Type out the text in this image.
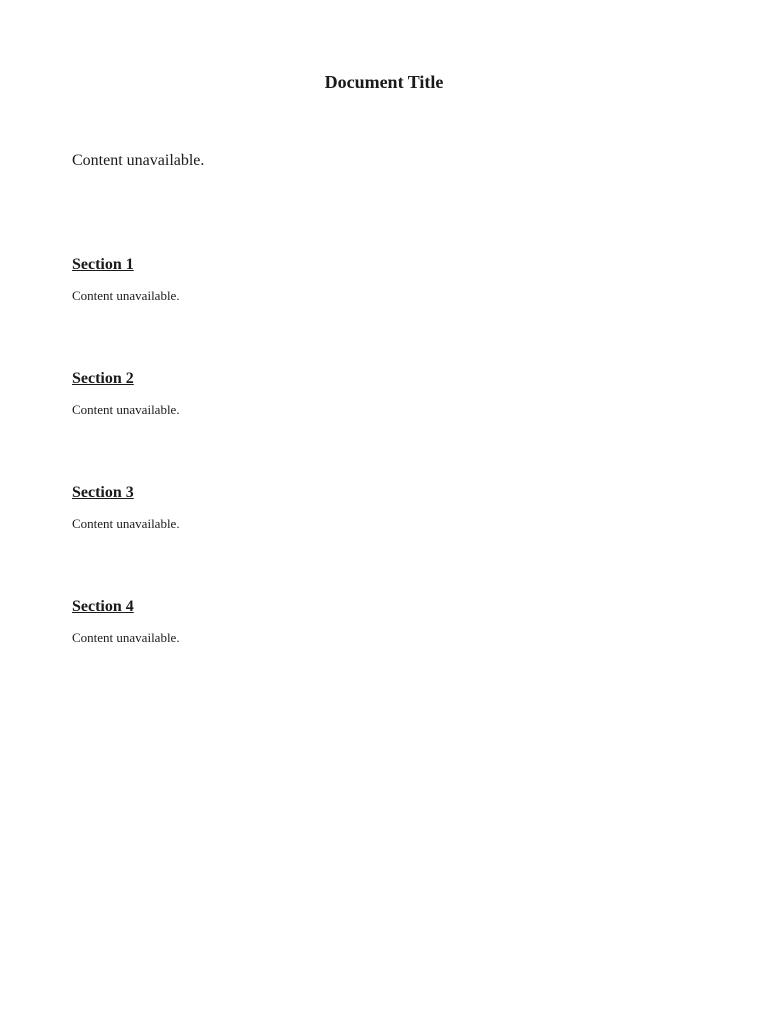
Document Title

Content unavailable.

Section 1

Content unavailable.

Section 2

Content unavailable.

Section 3

Content unavailable.

Section 4

Content unavailable.
